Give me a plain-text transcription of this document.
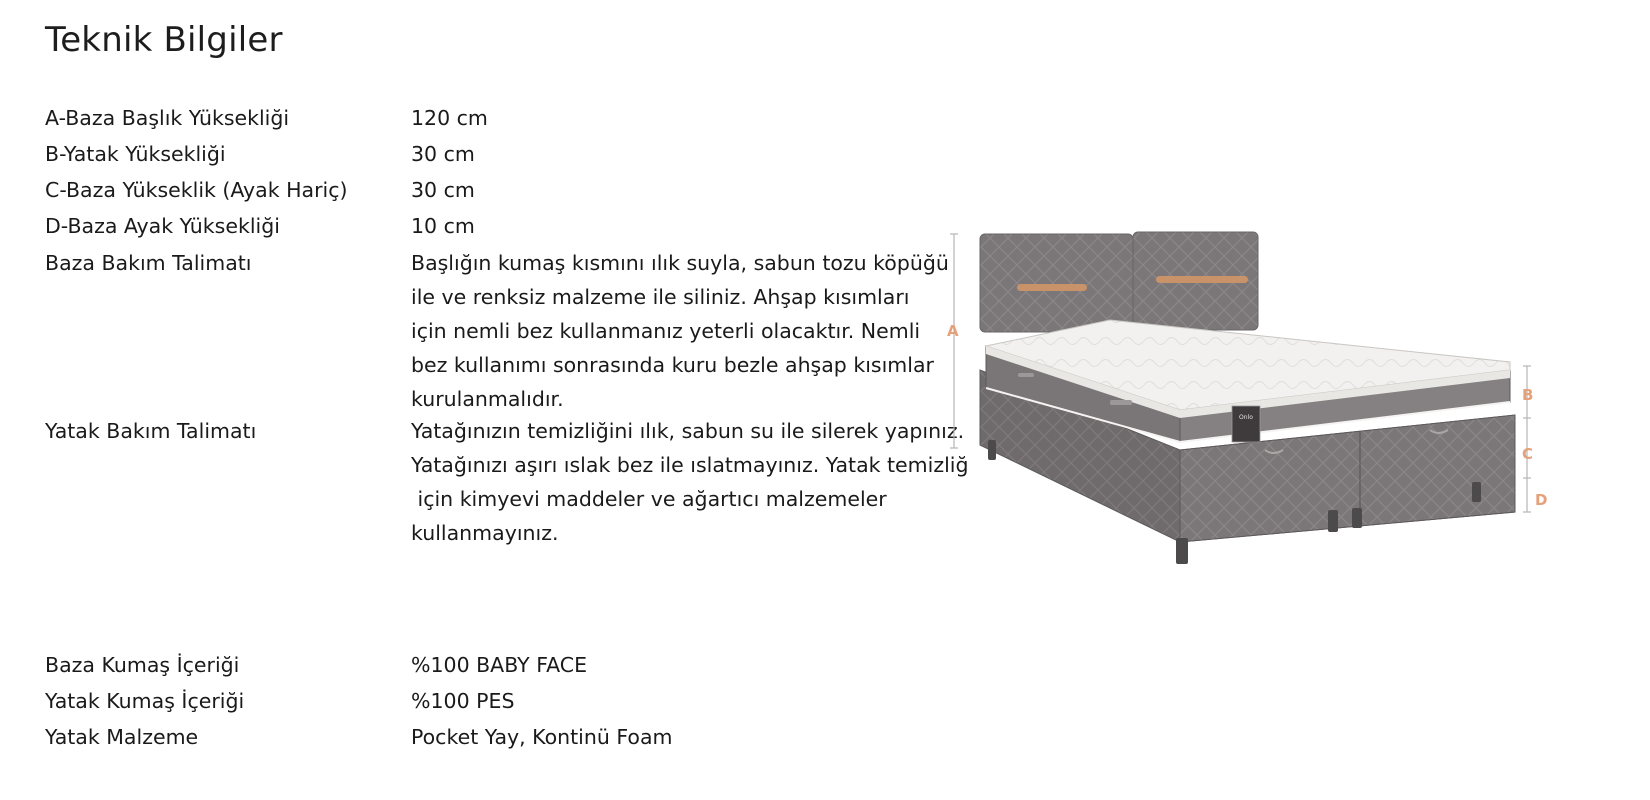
Teknik Bilgiler
A-Baza Başlık Yüksekliği	120 cm
B-Yatak Yüksekliği	30 cm
C-Baza Yükseklik (Ayak Hariç)	30 cm
D-Baza Ayak Yüksekliği	10 cm
Baza Bakım Talimatı	Başlığın kumaş kısmını ılık suyla, sabun tozu köpüğü
ile ve renksiz malzeme ile siliniz. Ahşap kısımları
için nemli bez kullanmanız yeterli olacaktır. Nemli
bez kullanımı sonrasında kuru bezle ahşap kısımlar
kurulanmalıdır.
Yatak Bakım Talimatı	Yatağınızın temizliğini ılık, sabun su ile silerek yapınız.
Yatağınızı aşırı ıslak bez ile ıslatmayınız. Yatak temizliğ
için kimyevi maddeler ve ağartıcı malzemeler
kullanmayınız.
Baza Kumaş İçeriği	%100 BABY FACE
Yatak Kumaş İçeriği	%100 PES
Yatak Malzeme	Pocket Yay, Kontinü Foam
Onlo
A
B
C
D
